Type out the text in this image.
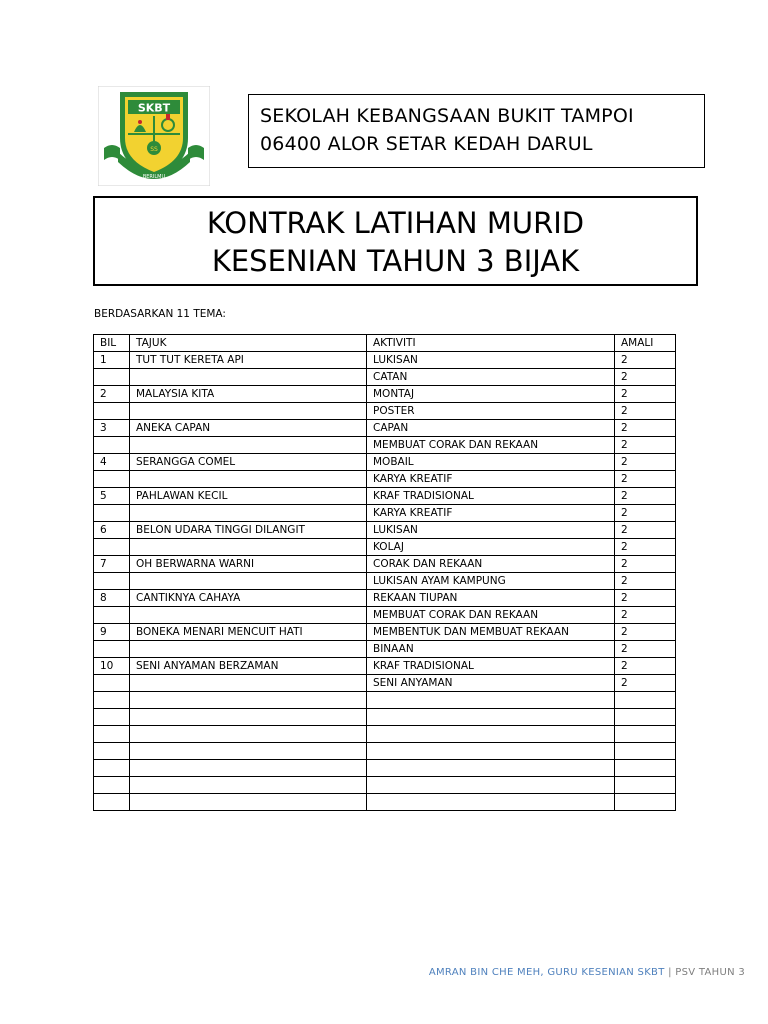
SKBT
SS
BERILMU
SEKOLAH KEBANGSAAN BUKIT TAMPOI
06400 ALOR SETAR KEDAH DARUL
KONTRAK LATIHAN MURID
KESENIAN TAHUN 3 BIJAK
BERDASARKAN 11 TEMA:
BIL	TAJUK	AKTIVITI	AMALI
1	TUT TUT KERETA API	LUKISAN	2
		CATAN	2
2	MALAYSIA KITA	MONTAJ	2
		POSTER	2
3	ANEKA CAPAN	CAPAN	2
		MEMBUAT CORAK DAN REKAAN	2
4	SERANGGA COMEL	MOBAIL	2
		KARYA KREATIF	2
5	PAHLAWAN KECIL	KRAF TRADISIONAL	2
		KARYA KREATIF	2
6	BELON UDARA TINGGI DILANGIT	LUKISAN	2
		KOLAJ	2
7	OH BERWARNA WARNI	CORAK DAN REKAAN	2
		LUKISAN AYAM KAMPUNG	2
8	CANTIKNYA CAHAYA	REKAAN TIUPAN	2
		MEMBUAT CORAK DAN REKAAN	2
9	BONEKA MENARI MENCUIT HATI	MEMBENTUK DAN MEMBUAT REKAAN	2
		BINAAN	2
10	SENI ANYAMAN BERZAMAN	KRAF TRADISIONAL	2
		SENI ANYAMAN	2

AMRAN BIN CHE MEH, GURU KESENIAN SKBT | PSV TAHUN 3
